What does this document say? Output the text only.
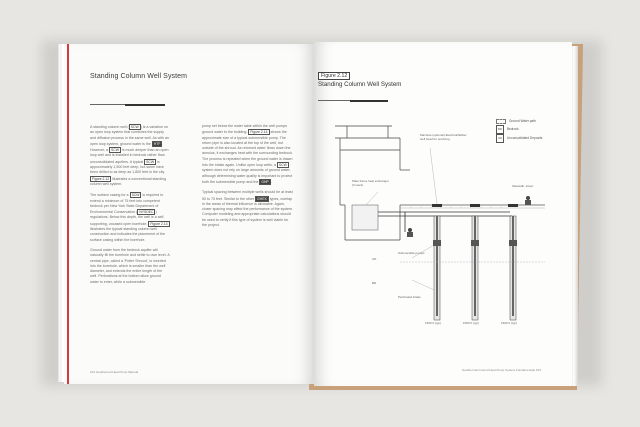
Standing Column Well System

A standing column well ( SCW ) is a variation on an open loop system that combines the supply and diffusion process in the same well. As with an open loop system, ground water is the HTF . However, a SCW is much deeper than an open loop well and is installed in bedrock rather than unconsolidated aquifers. A typical SCW is approximately 1,500 feet deep, but some have been drilled to as deep as 1,800 feet in the city. Figure 2.12 illustrates a conventional standing column well system.

The surface casing for a SCW is required to extend a minimum of 75 feet into competent bedrock per New York State Department of Environmental Conservation ( NYSDEC ) regulations. Below this depth, the well is a self-supporting, uncased open borehole. Figure 2.13 illustrates the typical standing column well construction and indicates the placement of the surface casing within the borehole.

Ground water from the bedrock aquifer will naturally fill the borehole and settle to own level. A central pipe, called a 'Potter Shroud', is inserted into the borehole, which is smaller than the well diameter, and extends the entire length of the well. Perforations at the bottom allow ground water to enter, while a submersible

pump set below the water table within the well pumps ground water to the building. Figure 2.14 shows the approximate size of a typical submersible pump. The return pipe is also located at the top of the well, but outside of the shroud. As returned water flows down the annulus, it exchanges heat with the surrounding bedrock. The process is repeated when the ground water is drawn into the intake again. Unlike open loop wells, a SCW system does not rely on large amounts of ground water, although determining water quality is important to protect both the submersible pump and the GHP .

Typical spacing between multiple wells should be at least 50 to 75 feet. Similar to the other GHEX types, overlap in the areas of thermal influence is allowable. Again, closer spacing may affect the performance of the system. Computer modeling and appropriate calculations should be used to verify if this type of system is well viable for the project.

104 Geothermal Heat Pump Manual
Figure 2.12
Standing Column Well System
Ground Water path
BR	Bedrock
UD	Unconsolidated Deposits
Manhole (optional) Electrical/Water well head for servicing
Plate frame heat exchanger (if used)	Sidewalk, street
Submersible pumps
Perforated intake
UD
BR
1500 ft (typ)	1500 ft (typ)	1500 ft (typ)
Geothermal Ground Heat Pump System Fundamentals 105
